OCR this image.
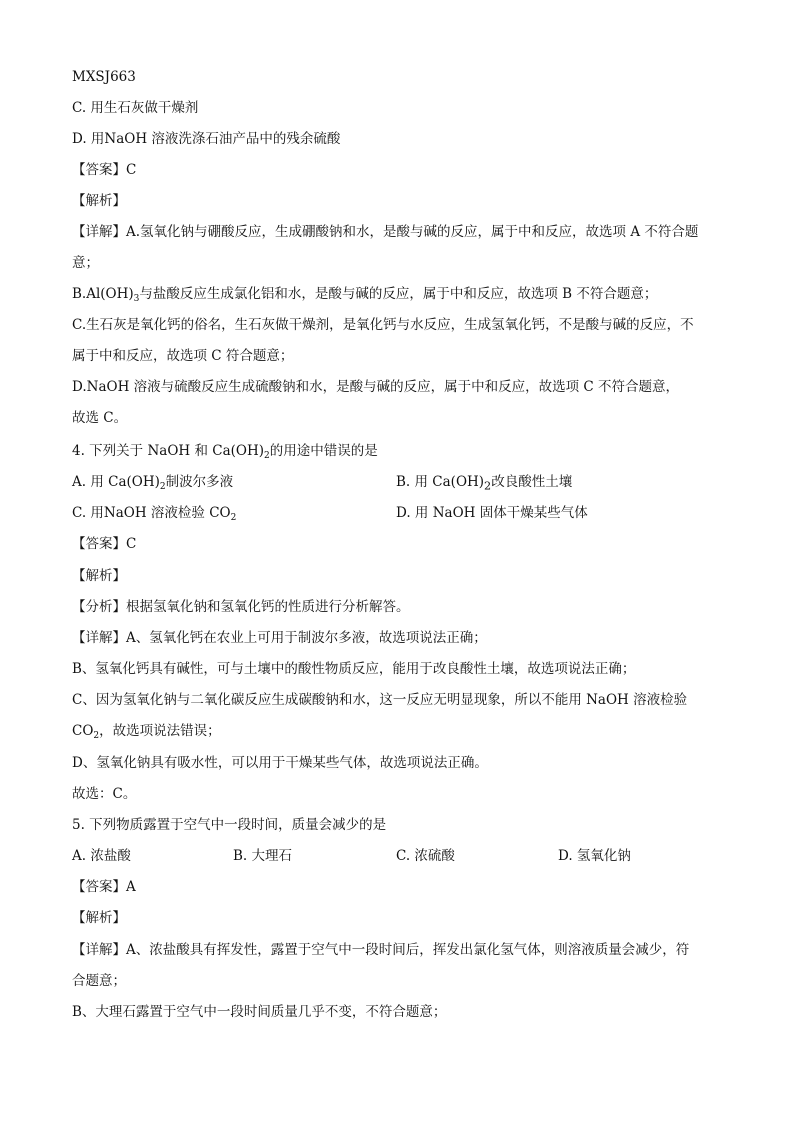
MXSJ663
C. 用生石灰做干燥剂
D. 用NaOH 溶液洗涤石油产品中的残余硫酸
【答案】C
【解析】
【详解】A.氢氧化钠与硼酸反应，生成硼酸钠和水，是酸与碱的反应，属于中和反应，故选项 A 不符合题
意；
$B.Al(OH)_3$与盐酸反应生成氯化铝和水，是酸与碱的反应，属于中和反应，故选项 B 不符合题意；
C.生石灰是氧化钙的俗名，生石灰做干燥剂，是氧化钙与水反应，生成氢氧化钙，不是酸与碱的反应，不
属于中和反应，故选项 C 符合题意；
D.NaOH 溶液与硫酸反应生成硫酸钠和水，是酸与碱的反应，属于中和反应，故选项 C 不符合题意，
故选 C。
4. 下列关于 NaOH 和 $Ca(OH)_2$的用途中错误的是
A. 用 $Ca(OH)_2$制波尔多液	B. 用 $Ca(OH)_2$改良酸性土壤
C. 用NaOH 溶液检验 $CO_2$	D. 用 NaOH 固体干燥某些气体
【答案】C
【解析】
【分析】根据氢氧化钠和氢氧化钙的性质进行分析解答。
【详解】A、氢氧化钙在农业上可用于制波尔多液，故选项说法正确；
B、氢氧化钙具有碱性，可与土壤中的酸性物质反应，能用于改良酸性土壤，故选项说法正确；
C、因为氢氧化钠与二氧化碳反应生成碳酸钠和水，这一反应无明显现象，所以不能用 NaOH 溶液检验
$CO_2$，故选项说法错误；
D、氢氧化钠具有吸水性，可以用于干燥某些气体，故选项说法正确。
故选：C。
5. 下列物质露置于空气中一段时间，质量会减少的是
A. 浓盐酸	B. 大理石	C. 浓硫酸	D. 氢氧化钠
【答案】A
【解析】
【详解】A、浓盐酸具有挥发性，露置于空气中一段时间后，挥发出氯化氢气体，则溶液质量会减少，符
合题意；
B、大理石露置于空气中一段时间质量几乎不变，不符合题意；
